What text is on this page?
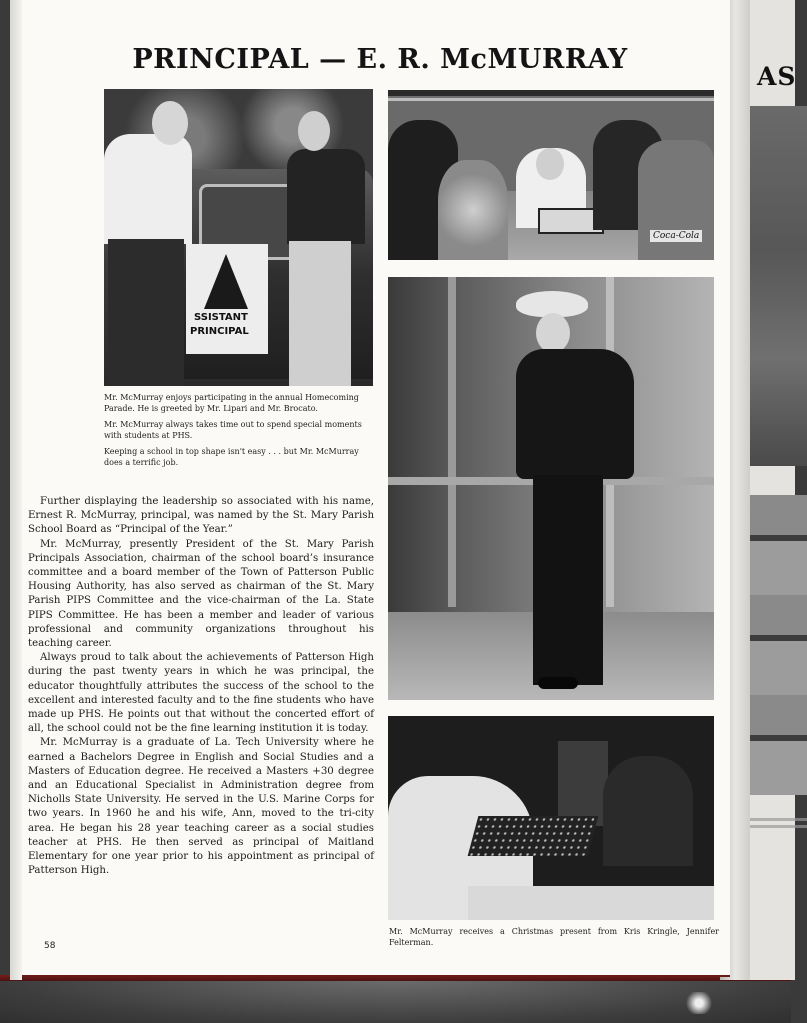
AS
PRINCIPAL — E. R. McMURRAY
SSISTANT
PRINCIPAL
Coca-Cola

Mr. McMurray enjoys participating in the annual Homecoming Parade. He is greeted by Mr. Lipari and Mr. Brocato.

Mr. McMurray always takes time out to spend special moments with students at PHS.

Keeping a school in top shape isn't easy . . . but Mr. McMurray does a terrific job.

Further displaying the leadership so associated with his name, Ernest R. McMurray, principal, was named by the St. Mary Parish School Board as “Principal of the Year.”

Mr. McMurray, presently President of the St. Mary Parish Principals Association, chairman of the school board’s insurance committee and a board member of the Town of Patterson Public Housing Authority, has also served as chairman of the St. Mary Parish PIPS Committee and the vice-chairman of the La. State PIPS Committee. He has been a member and leader of various professional and community organizations throughout his teaching career.

Always proud to talk about the achievements of Patterson High during the past twenty years in which he was principal, the educator thoughtfully attributes the success of the school to the excellent and interested faculty and to the fine students who have made up PHS. He points out that without the concerted effort of all, the school could not be the fine learning institution it is today.

Mr. McMurray is a graduate of La. Tech University where he earned a Bachelors Degree in English and Social Studies and a Masters of Education degree. He received a Masters +30 degree and an Educational Specialist in Administration degree from Nicholls State University. He served in the U.S. Marine Corps for two years. In 1960 he and his wife, Ann, moved to the tri-city area. He began his 28 year teaching career as a social studies teacher at PHS. He then served as principal of Maitland Elementary for one year prior to his appointment as principal of Patterson High.

Mr. McMurray receives a Christmas present from Kris Kringle, Jennifer Felterman.
58
